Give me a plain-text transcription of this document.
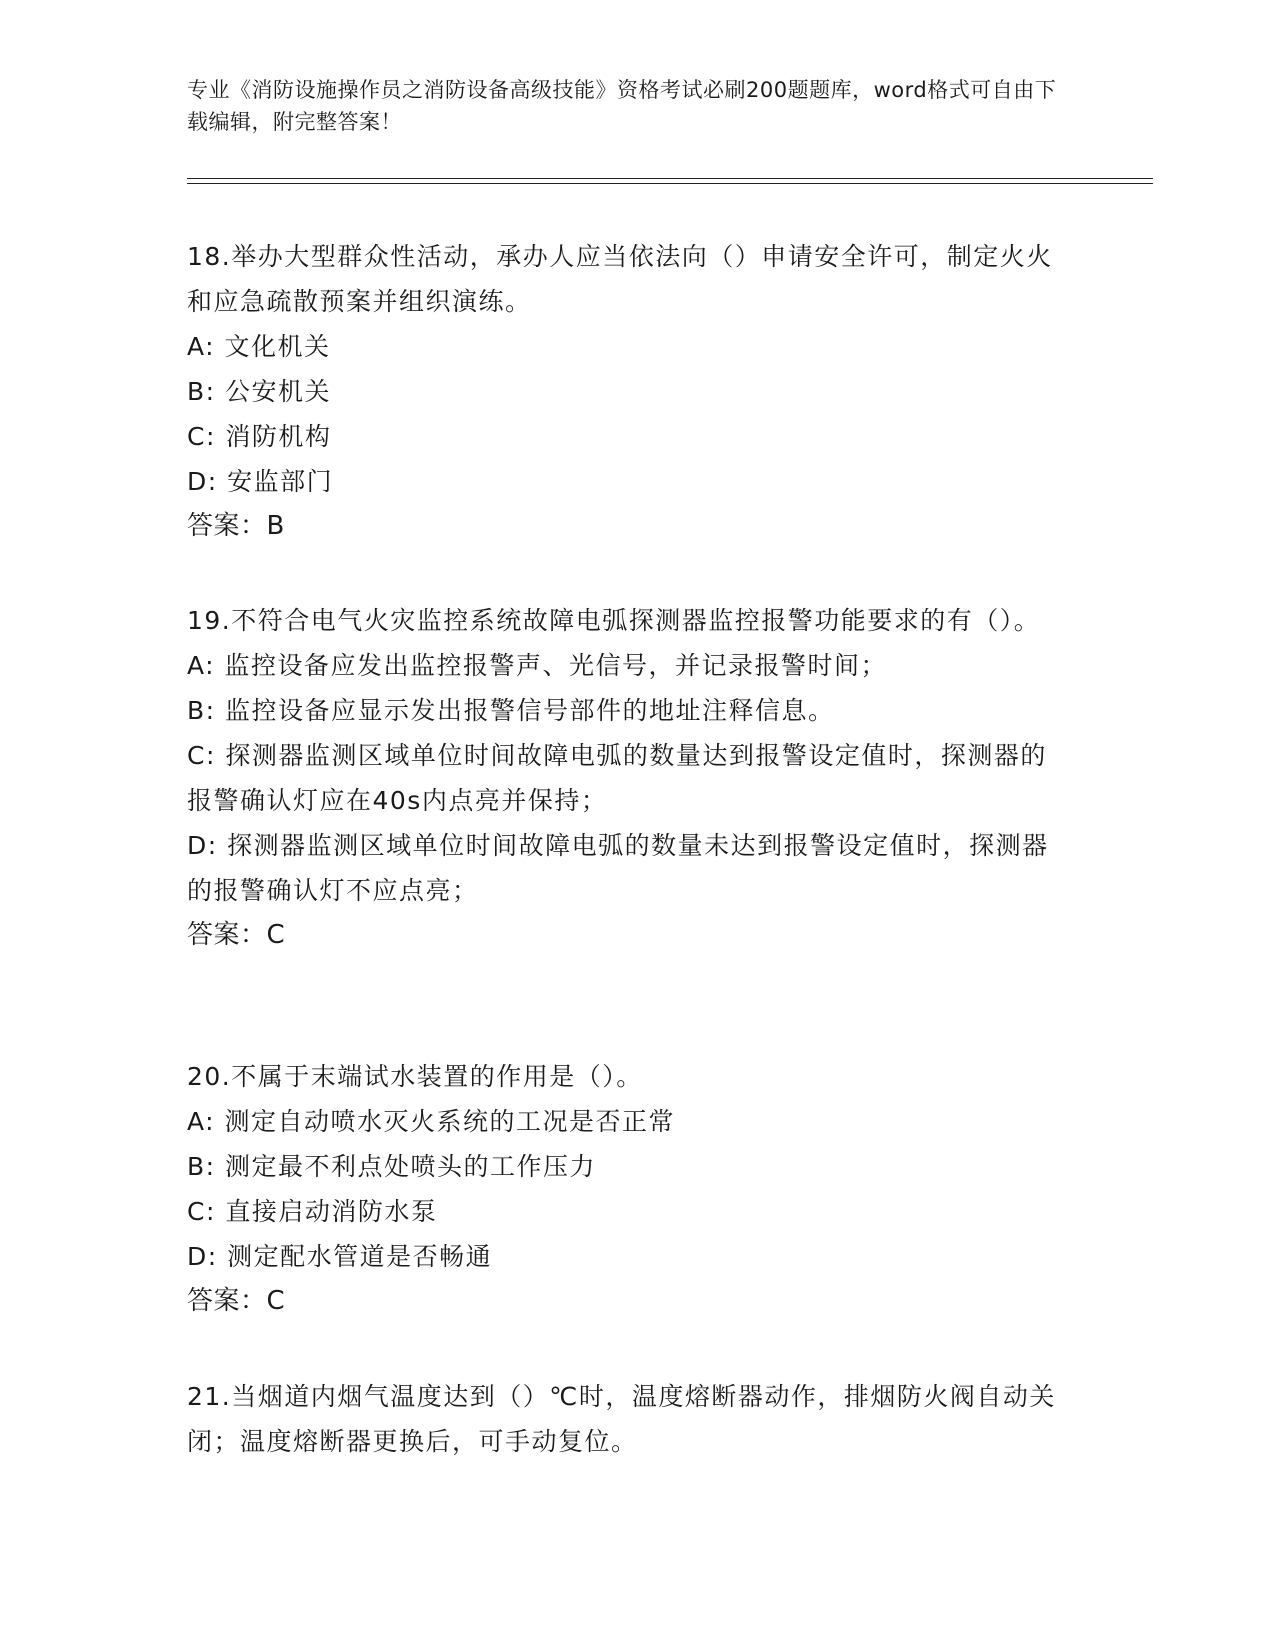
专业《消防设施操作员之消防设备高级技能》资格考试必刷200题题库，word格式可自由下载编辑，附完整答案！

18.举办大型群众性活动，承办人应当依法向（）申请安全许可，制定火火和应急疏散预案并组织演练。

A: 文化机关

B: 公安机关

C: 消防机构

D: 安监部门

答案：B

19.不符合电气火灾监控系统故障电弧探测器监控报警功能要求的有（）。

A: 监控设备应发出监控报警声、光信号，并记录报警时间；

B: 监控设备应显示发出报警信号部件的地址注释信息。

C: 探测器监测区域单位时间故障电弧的数量达到报警设定值时，探测器的报警确认灯应在40s内点亮并保持；

D: 探测器监测区域单位时间故障电弧的数量未达到报警设定值时，探测器的报警确认灯不应点亮；

答案：C

20.不属于末端试水装置的作用是（）。

A: 测定自动喷水灭火系统的工况是否正常

B: 测定最不利点处喷头的工作压力

C: 直接启动消防水泵

D: 测定配水管道是否畅通

答案：C

21.当烟道内烟气温度达到（）℃时，温度熔断器动作，排烟防火阀自动关闭；温度熔断器更换后，可手动复位。
